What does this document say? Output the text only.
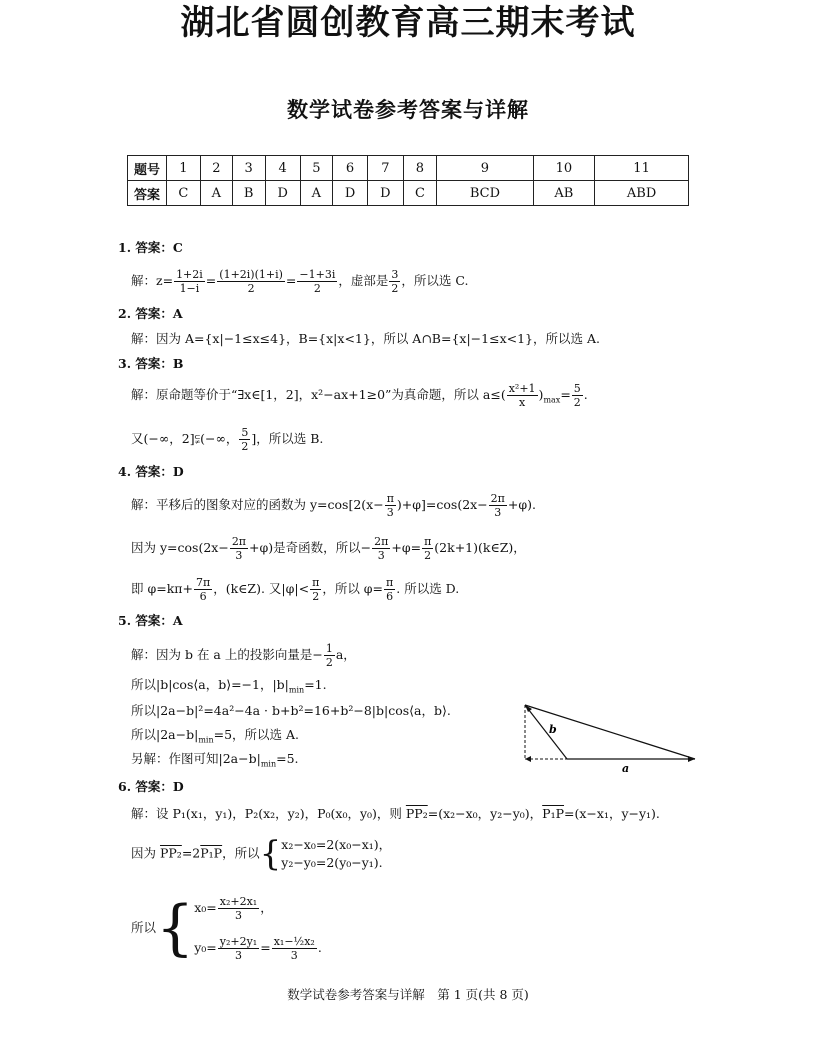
湖北省圆创教育高三期末考试
数学试卷参考答案与详解
题号	1	2	3	4	5	6	7	8	9	10	11
答案	C	A	B	D	A	D	D	C	BCD	AB	ABD
1. 答案：C
解：$z= \frac{1+2i}{1-i} = \frac{(1+2i)(1+i)}{2} = \frac{-1+3i}{2}$ ，虚部是 $\frac{3}{2}$ ，所以选 C.
2. 答案：A
解：因为 A={x|−1≤x≤4}，B={x|x<1}，所以 A∩B={x|−1≤x<1}，所以选 A.
3. 答案：B
解：原命题等价于“∃x∈[1，2]，x²−ax+1≥0”为真命题，所以 $a\le( \frac{\text{x²+1}}{x} )_{max}= \frac{5}{2}$ .
又(−∞，2]⫋(−∞， $\frac{5}{2}$ ]，所以选 B.
4. 答案：D
解：平移后的图象对应的函数为 $y=\cos[2(x- \frac{\pi}{3} )+\varphi]=\cos(2x- \frac{2\pi}{3} +\varphi)$.
因为 $y=\cos(2x- \frac{2\pi}{3} +\varphi)$是奇函数，所以− $\frac{2\pi}{3} +\varphi= \frac{\pi}{2}$ (2k+1)(k∈Z)，
即 $\varphi=k\pi+ \frac{7\pi}{6}$ ，(k∈Z). 又$|\varphi|< \frac{\pi}{2}$ ，所以 $\varphi= \frac{\pi}{6}$ . 所以选 D.
5. 答案：A
解：因为 b 在 a 上的投影向量是− $\frac{1}{2}$ a，
所以|b|cos⟨a，b⟩=−1，$|b|_{min}=1$.
所以|2a−b|²=4a²−4a · b+b²=16+b²−8|b|cos⟨a，b⟩.
所以$|2a-b|_{min}=5$，所以选 A.
另解：作图可知$|2a-b|_{min}=5$.
b
a
6. 答案：D
解：设 P₁(x₁，y₁)，P₂(x₂，y₂)，P₀(x₀，y₀)，则 PP₂=(x₂−x₀，y₂−y₀)，P₁P=(x−x₁，y−y₁).
因为 PP₂=2P₁P，所以{ x₂−x₀=2(x₀−x₁)，
y₂−y₀=2(y₀−y₁).
所以{ $x_0= \frac{\text{x₂+2x₁}}{3}$ ，
$y_0= \frac{\text{y₂+2y₁}}{3} = \frac{\text{x₁−½x₂}}{3}$ .
数学试卷参考答案与详解　第 1 页(共 8 页)
